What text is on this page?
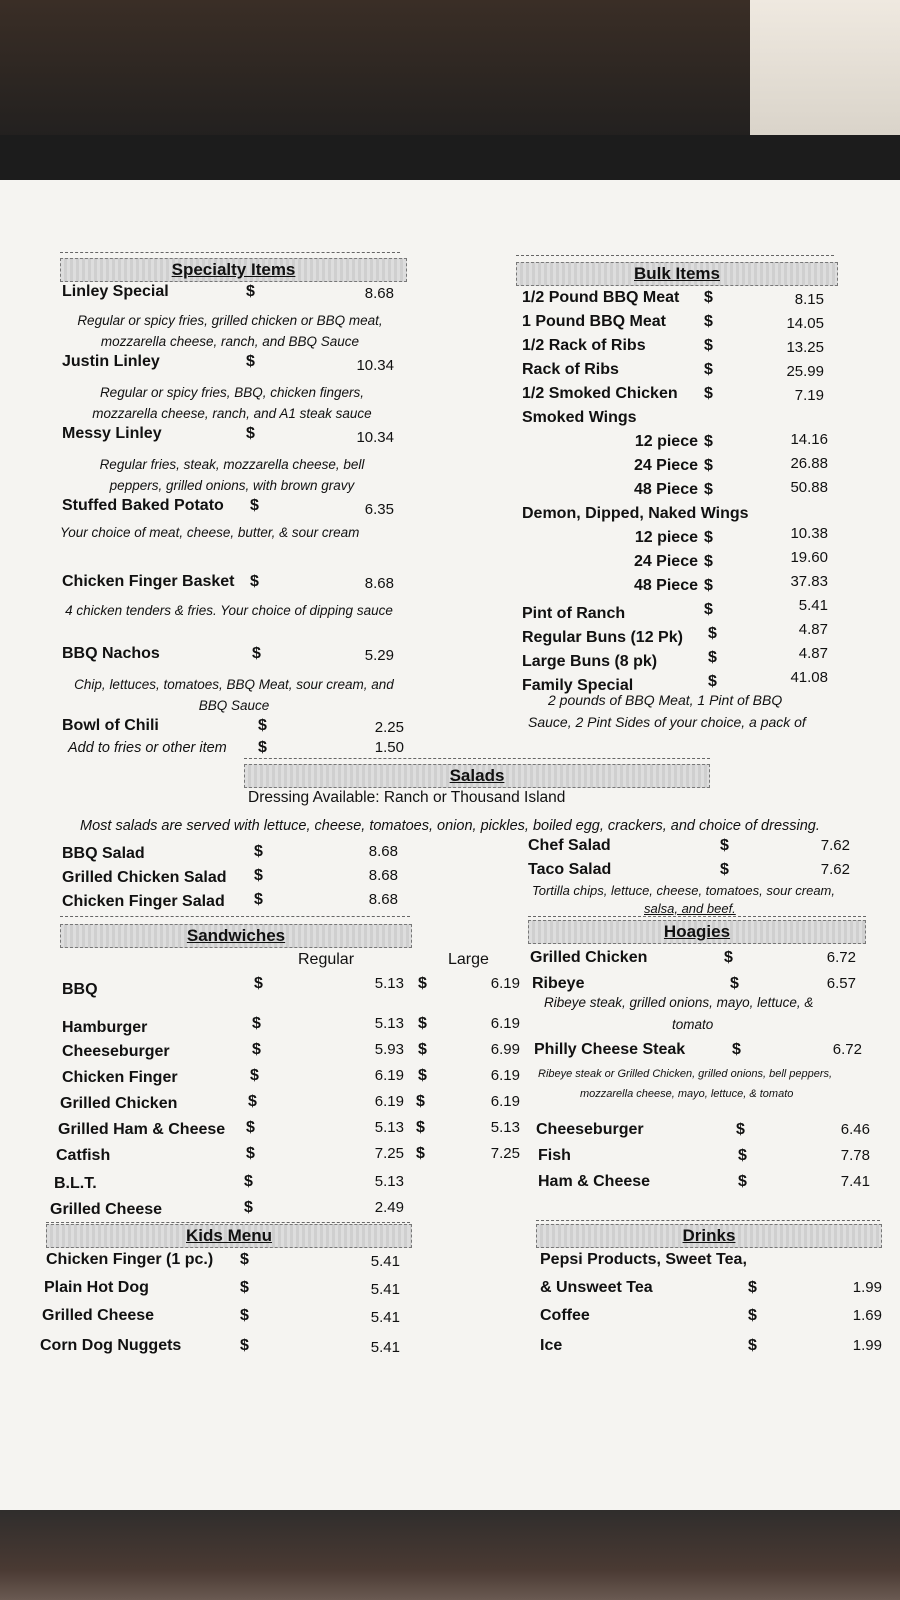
Specialty Items
Linley Special	$	8.68
Regular or spicy fries, grilled chicken or BBQ meat, mozzarella cheese, ranch, and BBQ Sauce
Justin Linley	$	10.34
Regular or spicy fries, BBQ, chicken fingers, mozzarella cheese, ranch, and A1 steak sauce
Messy Linley	$	10.34
Regular fries, steak, mozzarella cheese, bell peppers, grilled onions, with brown gravy
Stuffed Baked Potato $	6.35
Your choice of meat, cheese, butter, & sour cream
Chicken Finger Basket $	8.68
4 chicken tenders & fries. Your choice of dipping sauce
BBQ Nachos	$	5.29
Chip, lettuces, tomatoes, BBQ Meat, sour cream, and BBQ Sauce
Bowl of Chili	$	2.25
Add to fries or other item $	1.50
Bulk Items
1/2 Pound BBQ Meat $	8.15
1 Pound BBQ Meat $	14.05
1/2 Rack of Ribs	$	13.25
Rack of Ribs	$	25.99
1/2 Smoked Chicken $	7.19
Smoked Wings
12 piece $	14.16
24 Piece $	26.88
48 Piece $	50.88
Demon, Dipped, Naked Wings
12 piece $	10.38
24 Piece $	19.60
48 Piece $	37.83
Pint of Ranch	$	5.41
Regular Buns (12 Pk) $	4.87
Large Buns (8 pk)	$	4.87
Family Special	$	41.08
2 pounds of BBQ Meat, 1 Pint of BBQ
Sauce, 2 Pint Sides of your choice, a pack of
Salads
Dressing Available: Ranch or Thousand Island
Most salads are served with lettuce, cheese, tomatoes, onion, pickles, boiled egg, crackers, and choice of dressing.
BBQ Salad	$	8.68
Grilled Chicken Salad $	8.68
Chicken Finger Salad $	8.68
Chef Salad	$	7.62
Taco Salad	$	7.62
Tortilla chips, lettuce, cheese, tomatoes, sour cream,
salsa, and beef.
Sandwiches
Regular	Large
BBQ	$	5.13 $	6.19
Hamburger	$	5.13 $	6.19
Cheeseburger	$	5.93 $	6.99
Chicken Finger	$	6.19 $	6.19
Grilled Chicken	$	6.19 $	6.19
Grilled Ham & Cheese $	5.13 $	5.13
Catfish	$	7.25 $	7.25
B.L.T.	$	5.13
Grilled Cheese	$	2.49
Hoagies
Grilled Chicken	$	6.72
Ribeye	$	6.57
Ribeye steak, grilled onions, mayo, lettuce, &
tomato
Philly Cheese Steak	$	6.72
Ribeye steak or Grilled Chicken, grilled onions, bell peppers,
mozzarella cheese, mayo, lettuce, & tomato
Cheeseburger	$	6.46
Fish	$	7.78
Ham & Cheese	$	7.41
Kids Menu
Chicken Finger (1 pc.) $	5.41
Plain Hot Dog	$	5.41
Grilled Cheese	$	5.41
Corn Dog Nuggets	$	5.41
Drinks
Pepsi Products, Sweet Tea,
& Unsweet Tea	$	1.99
Coffee	$	1.69
Ice	$	1.99
